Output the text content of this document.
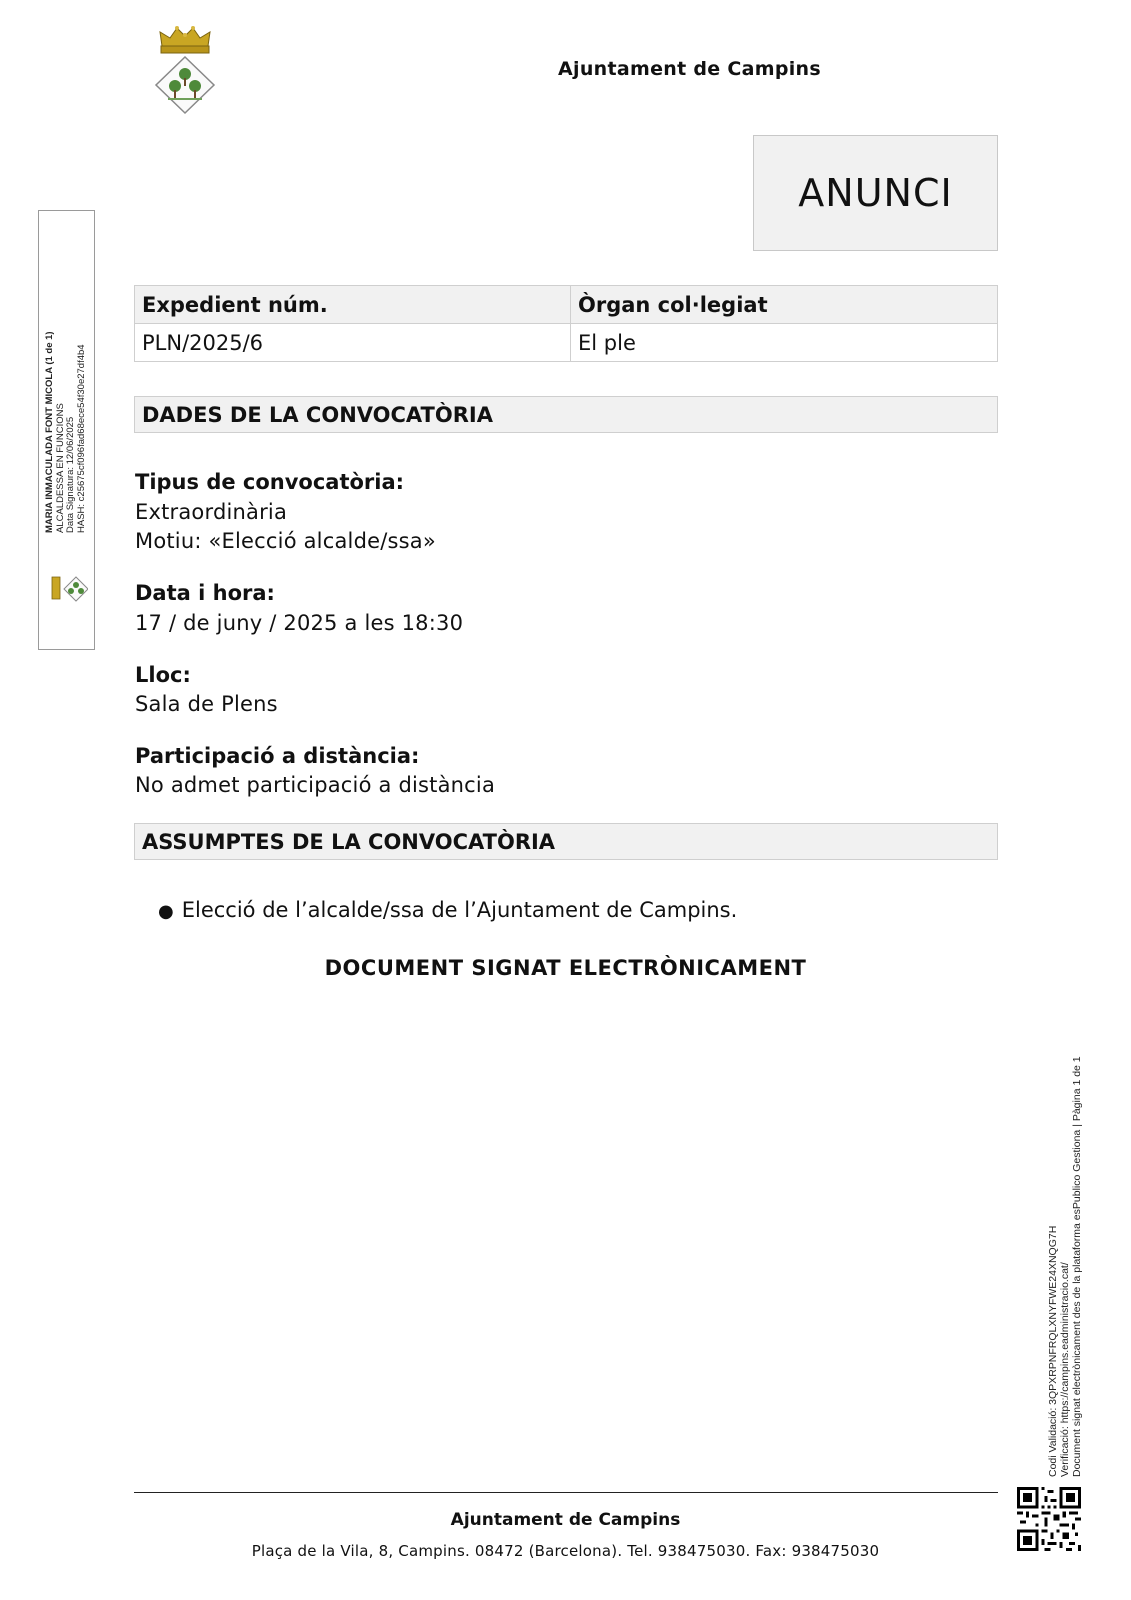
Ajuntament de Campins
ANUNCI
Expedient núm.	Òrgan col·legiat
PLN/2025/6	El ple
DADES DE LA CONVOCATÒRIA
Tipus de convocatòria:
Extraordinària
Motiu: «Elecció alcalde/ssa»
Data i hora:
17 / de juny / 2025 a les 18:30
Lloc:
Sala de Plens
Participació a distància:
No admet participació a distància
ASSUMPTES DE LA CONVOCATÒRIA
● Elecció de l’alcalde/ssa de l’Ajuntament de Campins.
DOCUMENT SIGNAT ELECTRÒNICAMENT
MARIA INMACULADA FONT MICOLA (1 de 1) ALCALDESSA EN FUNCIONS Data Signatura: 12/06/2025 HASH: c25675cf096fad68ece54f30e27df4b4
Codi Validació: 3QPXRPNFRQLXNYFWE24XNQG7H Verificació: https://campins.eadministracio.cat/ Document signat electrònicament des de la plataforma esPublico Gestiona | Pàgina 1 de 1
Ajuntament de Campins
Plaça de la Vila, 8, Campins. 08472 (Barcelona). Tel. 938475030. Fax: 938475030
